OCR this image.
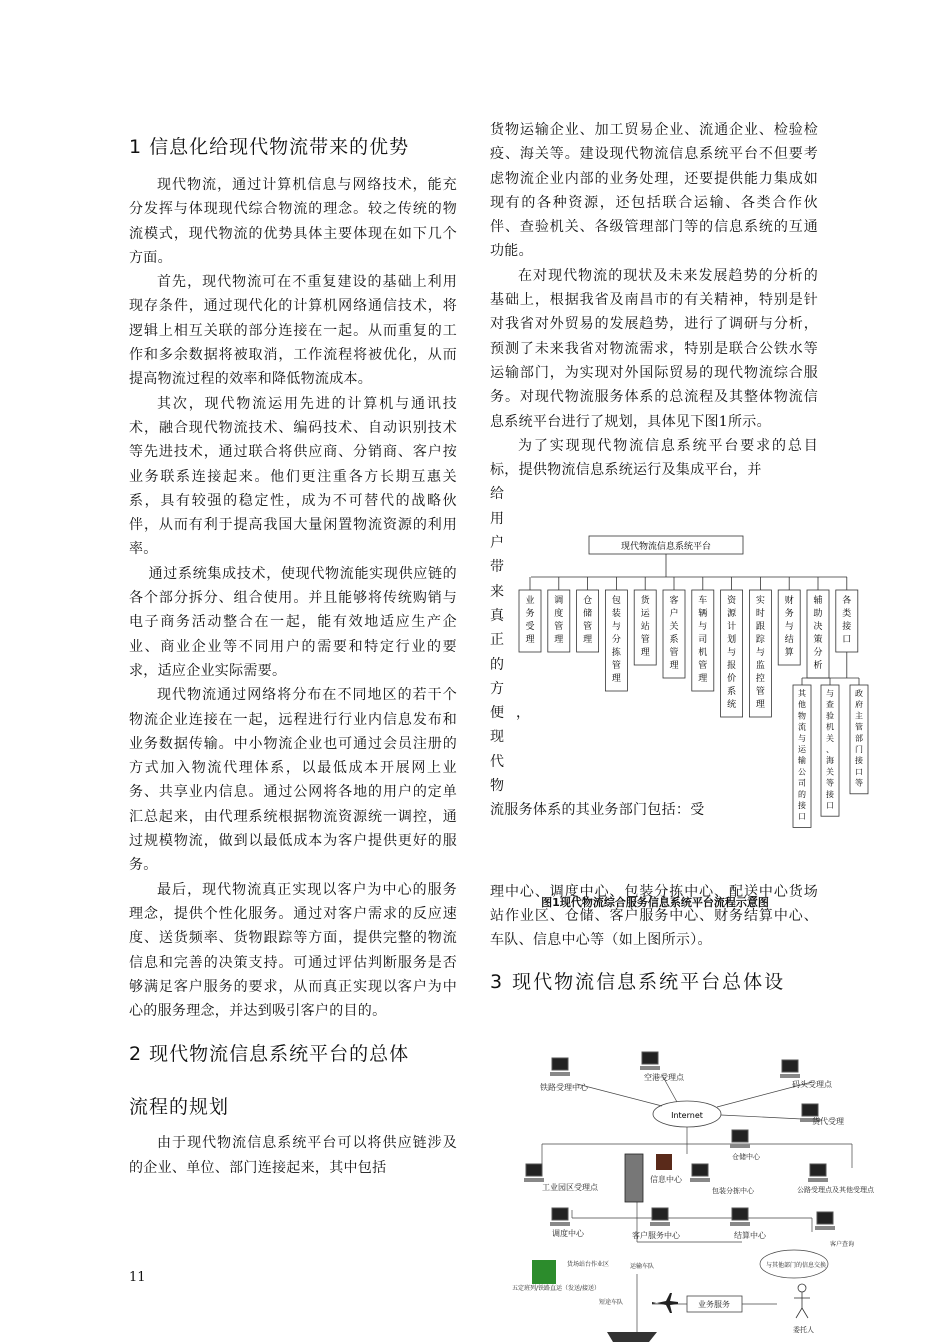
1 信息化给现代物流带来的优势

现代物流，通过计算机信息与网络技术，能充分发挥与体现现代综合物流的理念。较之传统的物流模式，现代物流的优势具体主要体现在如下几个方面。

首先，现代物流可在不重复建设的基础上利用现存条件，通过现代化的计算机网络通信技术，将逻辑上相互关联的部分连接在一起。从而重复的工作和多余数据将被取消，工作流程将被优化，从而提高物流过程的效率和降低物流成本。

其次，现代物流运用先进的计算机与通讯技术，融合现代物流技术、编码技术、自动识别技术等先进技术，通过联合将供应商、分销商、客户按业务联系连接起来。他们更注重各方长期互惠关系，具有较强的稳定性，成为不可替代的战略伙伴，从而有利于提高我国大量闲置物流资源的利用率。

通过系统集成技术，使现代物流能实现供应链的各个部分拆分、组合使用。并且能够将传统购销与电子商务活动整合在一起，能有效地适应生产企业、商业企业等不同用户的需要和特定行业的要求，适应企业实际需要。

现代物流通过网络将分布在不同地区的若干个物流企业连接在一起，远程进行行业内信息发布和业务数据传输。中小物流企业也可通过会员注册的方式加入物流代理体系，以最低成本开展网上业务、共享业内信息。通过公网将各地的用户的定单汇总起来，由代理系统根据物流资源统一调控，通过规模物流，做到以最低成本为客户提供更好的服务。

最后，现代物流真正实现以客户为中心的服务理念，提供个性化服务。通过对客户需求的反应速度、送货频率、货物跟踪等方面，提供完整的物流信息和完善的决策支持。可通过评估判断服务是否够满足客户服务的要求，从而真正实现以客户为中心的服务理念，并达到吸引客户的目的。

2 现代物流信息系统平台的总体
流程的规划

由于现代物流信息系统平台可以将供应链涉及的企业、单位、部门连接起来，其中包括

货物运输企业、加工贸易企业、流通企业、检验检疫、海关等。建设现代物流信息系统平台不但要考虑物流企业内部的业务处理，还要提供能力集成如现有的各种资源，还包括联合运输、各类合作伙伴、查验机关、各级管理部门等的信息系统的互通功能。

在对现代物流的现状及未来发展趋势的分析的基础上，根据我省及南昌市的有关精神，特别是针对我省对外贸易的发展趋势，进行了调研与分析，预测了未来我省对物流需求，特别是联合公铁水等运输部门，为实现对外国际贸易的现代物流综合服务。对现代物流服务体系的总流程及其整体物流信息系统平台进行了规划，具体见下图1所示。

为了实现现代物流信息系统平台要求的总目标，提供物流信息系统运行及集成平台，并

给
用
户
带
来
真
正
的
方
便 ，
现
代
物

流服务体系的其业务部门包括：受

理中心、调度中心、包装分拣中心、配送中心货场站作业区、仓储、客户服务中心、财务结算中心、车队、信息中心等（如上图所示）。

3 现代物流信息系统平台总体设
图1现代物流综合服务信息系统平台流程示意图
现代物流信息系统平台
业务受理
调度管理
仓储管理
包装与分拣管理
货运站管理
客户关系管理
车辆与司机管理
资源计划与报价系统
实时跟踪与监控管理
财务与结算
辅助决策分析
各类接口
其他物流与运输公司的接口
与查验机关、海关等接口
政府主管部门接口等
Internet
铁路受理中心
空港受理点
码头受理点
货代受理
仓储中心
信息中心
工业园区受理点	公路受理点及其他受理点
包装分拣中心
调度中心	客户服务中心	结算中心
客户查询
运输车队
货场站台作业区	与其他部门的信息交换
五定班列/铁路直运（发送/接送）
短途车队	业务服务
委托人
11
